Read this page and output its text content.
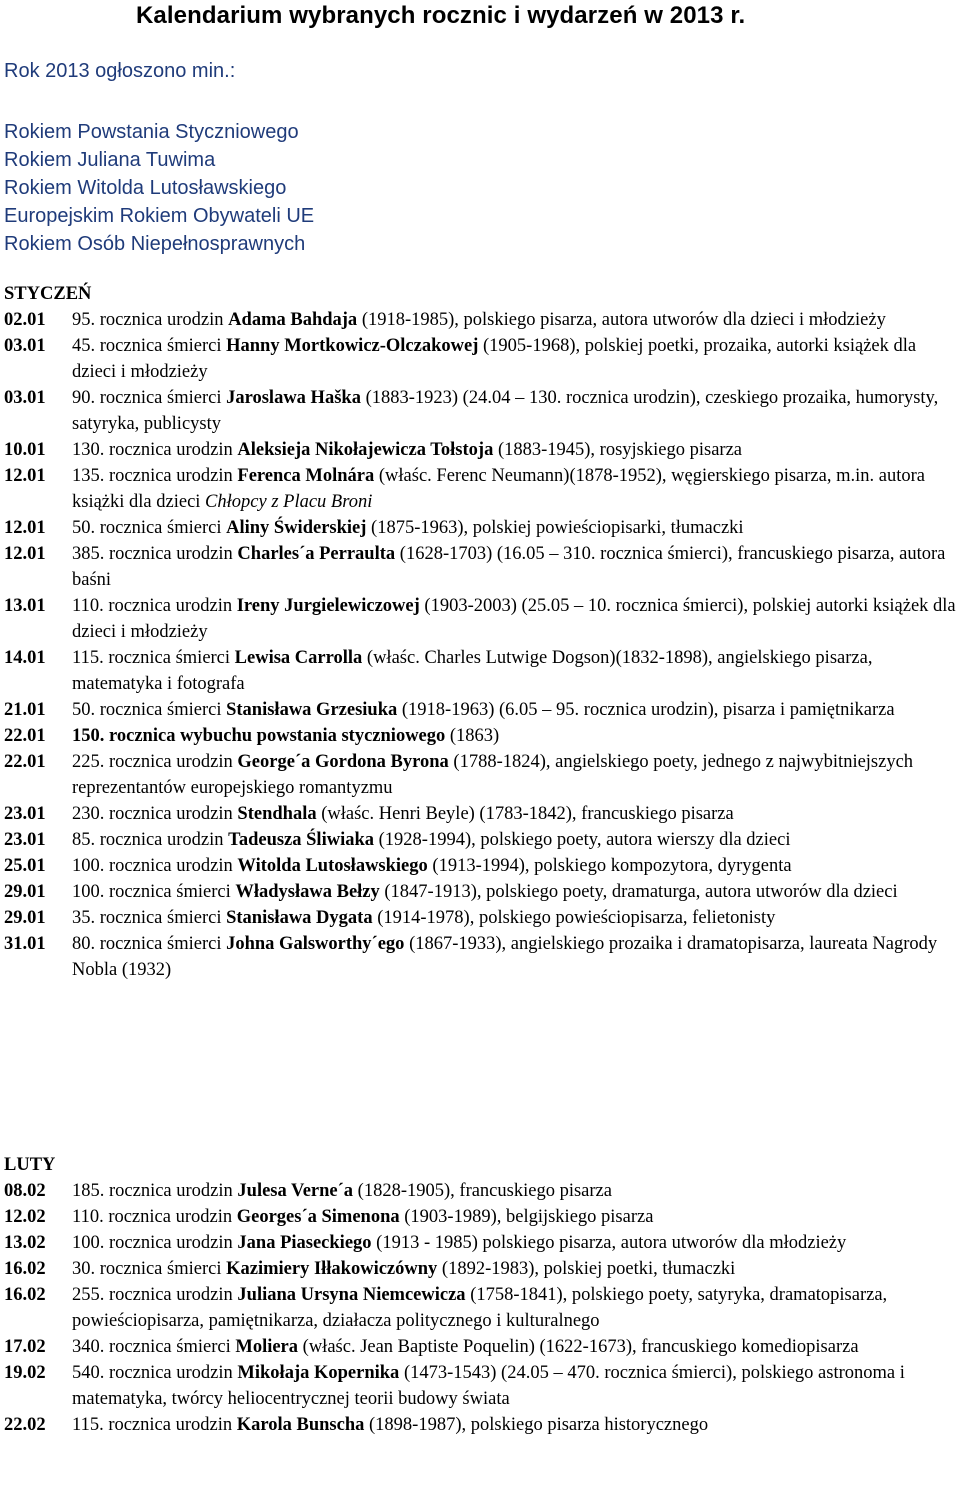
Kalendarium wybranych rocznic i wydarzeń w 2013 r.
Rok 2013 ogłoszono min.:
Rokiem Powstania Styczniowego
Rokiem Juliana Tuwima
Rokiem Witolda Lutosławskiego
Europejskim Rokiem Obywateli UE
Rokiem Osób Niepełnosprawnych
STYCZEŃ
02.01	95. rocznica urodzin Adama Bahdaja (1918-1985), polskiego pisarza, autora utworów dla dzieci i młodzieży
03.01	45. rocznica śmierci Hanny Mortkowicz-Olczakowej (1905-1968), polskiej poetki, prozaika, autorki książek dla dzieci i młodzieży
03.01	90. rocznica śmierci Jaroslawa Haška (1883-1923) (24.04 – 130. rocznica urodzin), czeskiego prozaika, humorysty, satyryka, publicysty
10.01	130. rocznica urodzin Aleksieja Nikołajewicza Tołstoja (1883-1945), rosyjskiego pisarza
12.01	135. rocznica urodzin Ferenca Molnára (właśc. Ferenc Neumann)(1878-1952), węgierskiego pisarza, m.in. autora książki dla dzieci Chłopcy z Placu Broni
12.01	50. rocznica śmierci Aliny Świderskiej (1875-1963), polskiej powieściopisarki, tłumaczki
12.01	385. rocznica urodzin Charles´a Perraulta (1628-1703) (16.05 – 310. rocznica śmierci), francuskiego pisarza, autora baśni
13.01	110. rocznica urodzin Ireny Jurgielewiczowej (1903-2003) (25.05 – 10. rocznica śmierci), polskiej autorki książek dla dzieci i młodzieży
14.01	115. rocznica śmierci Lewisa Carrolla (właśc. Charles Lutwige Dogson)(1832-1898), angielskiego pisarza, matematyka i fotografa
21.01	50. rocznica śmierci Stanisława Grzesiuka (1918-1963) (6.05 – 95. rocznica urodzin), pisarza i pamiętnikarza
22.01	150. rocznica wybuchu powstania styczniowego (1863)
22.01	225. rocznica urodzin George´a Gordona Byrona (1788-1824), angielskiego poety, jednego z najwybitniejszych reprezentantów europejskiego romantyzmu
23.01	230. rocznica urodzin Stendhala (właśc. Henri Beyle) (1783-1842), francuskiego pisarza
23.01	85. rocznica urodzin Tadeusza Śliwiaka (1928-1994), polskiego poety, autora wierszy dla dzieci
25.01	100. rocznica urodzin Witolda Lutosławskiego (1913-1994), polskiego kompozytora, dyrygenta
29.01	100. rocznica śmierci Władysława Bełzy (1847-1913), polskiego poety, dramaturga, autora utworów dla dzieci
29.01	35. rocznica śmierci Stanisława Dygata (1914-1978), polskiego powieściopisarza, felietonisty
31.01	80. rocznica śmierci Johna Galsworthy´ego (1867-1933), angielskiego prozaika i dramatopisarza, laureata Nagrody Nobla (1932)
LUTY
08.02	185. rocznica urodzin Julesa Verne´a (1828-1905), francuskiego pisarza
12.02	110. rocznica urodzin Georges´a Simenona (1903-1989), belgijskiego pisarza
13.02	100. rocznica urodzin Jana Piaseckiego (1913 - 1985) polskiego pisarza, autora utworów dla młodzieży
16.02	30. rocznica śmierci Kazimiery Iłłakowiczówny (1892-1983), polskiej poetki, tłumaczki
16.02	255. rocznica urodzin Juliana Ursyna Niemcewicza (1758-1841), polskiego poety, satyryka, dramatopisarza, powieściopisarza, pamiętnikarza, działacza politycznego i kulturalnego
17.02	340. rocznica śmierci Moliera (właśc. Jean Baptiste Poquelin) (1622-1673), francuskiego komediopisarza
19.02	540. rocznica urodzin Mikołaja Kopernika (1473-1543) (24.05 – 470. rocznica śmierci), polskiego astronoma i matematyka, twórcy heliocentrycznej teorii budowy świata
22.02	115. rocznica urodzin Karola Bunscha (1898-1987), polskiego pisarza historycznego
